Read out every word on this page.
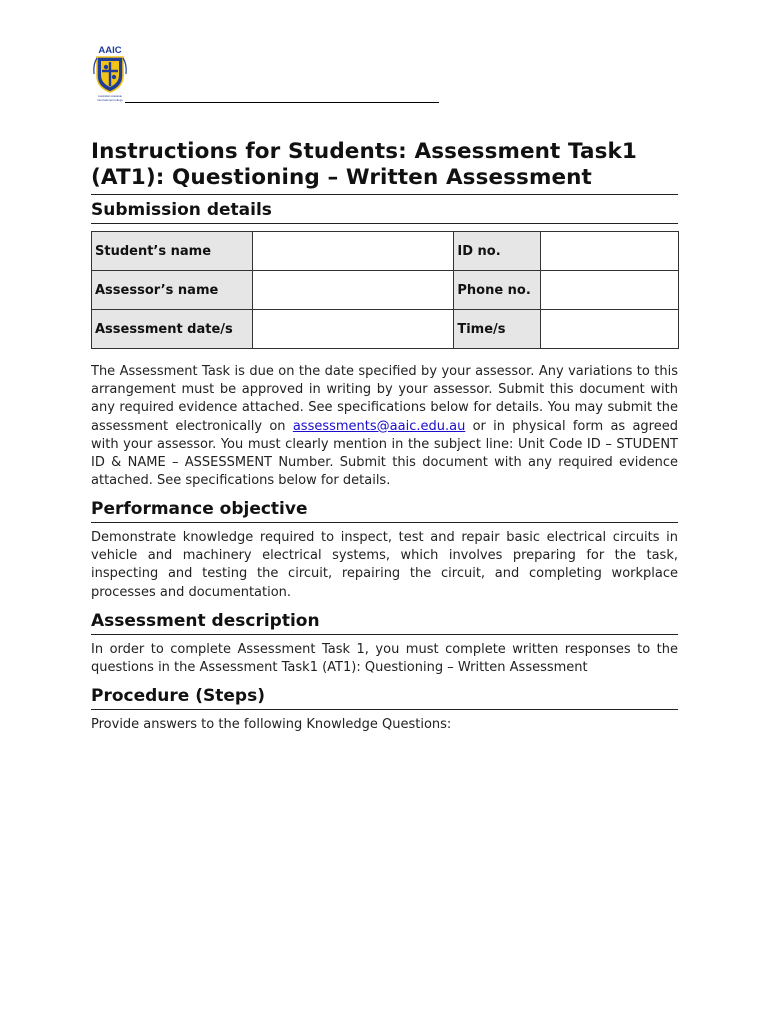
AAIC
Australian Adelaide
International College
Instructions for Students: Assessment Task1
(AT1): Questioning – Written Assessment
Submission details
Student’s name		ID no.	
Assessor’s name		Phone no.	
Assessment date/s		Time/s	

The Assessment Task is due on the date specified by your assessor. Any variations to this arrangement must be approved in writing by your assessor. Submit this document with any required evidence attached. See specifications below for details. You may submit the assessment electronically on assessments@aaic.edu.au or in physical form as agreed with your assessor. You must clearly mention in the subject line: Unit Code ID – STUDENT ID & NAME – ASSESSMENT Number. Submit this document with any required evidence attached. See specifications below for details.

Performance objective

Demonstrate knowledge required to inspect, test and repair basic electrical circuits in vehicle and machinery electrical systems, which involves preparing for the task, inspecting and testing the circuit, repairing the circuit, and completing workplace processes and documentation.

Assessment description

In order to complete Assessment Task 1, you must complete written responses to the questions in the Assessment Task1 (AT1): Questioning – Written Assessment

Procedure (Steps)

Provide answers to the following Knowledge Questions:
